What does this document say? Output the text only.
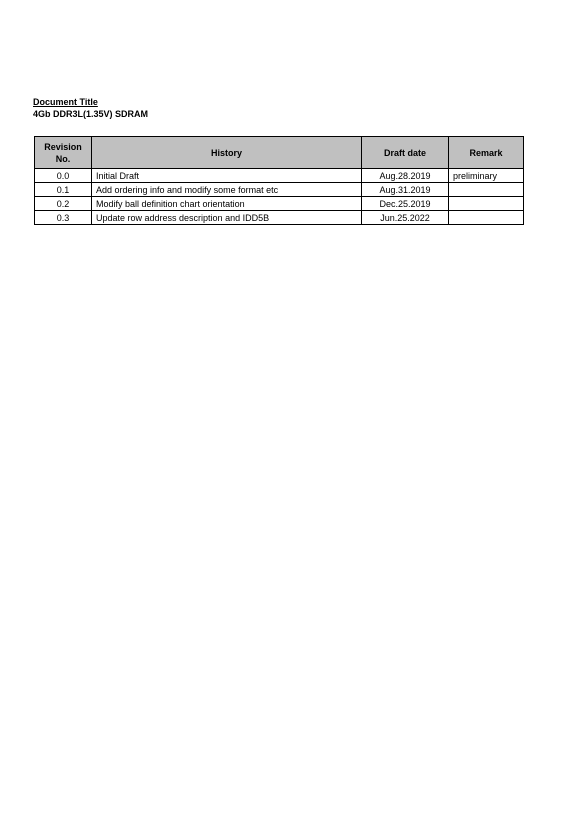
Document Title
4Gb DDR3L(1.35V) SDRAM
Revision
No.	History	Draft date	Remark
0.0	Initial Draft	Aug.28.2019	preliminary
0.1	Add ordering info and modify some format etc	Aug.31.2019	
0.2	Modify ball definition chart orientation	Dec.25.2019	
0.3	Update row address description and IDD5B	Jun.25.2022	
